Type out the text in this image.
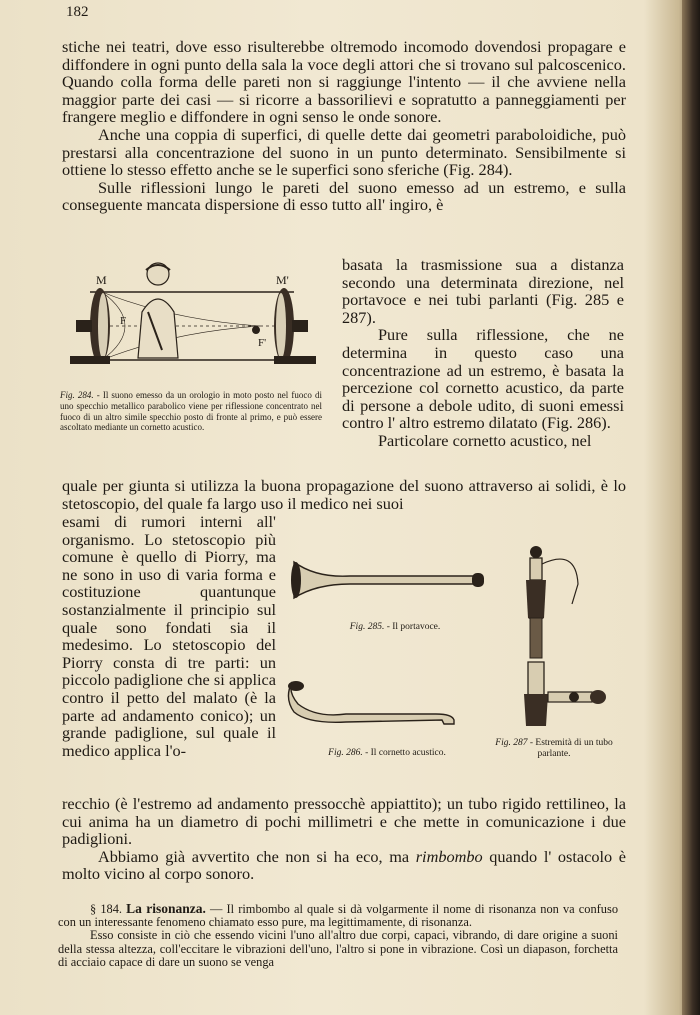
182

stiche nei teatri, dove esso risulterebbe oltremodo incomodo dovendosi propagare e diffondere in ogni punto della sala la voce degli attori che si trovano sul palcoscenico. Quando colla forma delle pareti non si raggiunge l'intento — il che avviene nella maggior parte dei casi — si ricorre a bassorilievi e sopratutto a panneggiamenti per frangere meglio e diffondere in ogni senso le onde sonore.

Anche una coppia di superfici, di quelle dette dai geometri paraboloidiche, può prestarsi alla concentrazione del suono in un punto determinato. Sensibilmente si ottiene lo stesso effetto anche se le superfici sono sferiche (Fig. 284).

Sulle riflessioni lungo le pareti del suono emesso ad un estremo, e sulla conseguente mancata dispersione di esso tutto all' ingiro, è

M	M'
F
F'
Fig. 284. - Il suono emesso da un orologio in moto posto nel fuoco di uno specchio metallico parabolico viene per riflessione concentrato nel fuoco di un altro simile specchio posto di fronte al primo, e può essere ascoltato mediante un cornetto acustico.

basata la trasmissione sua a distanza secondo una determinata direzione, nel portavoce e nei tubi parlanti (Fig. 285 e 287).

Pure sulla riflessione, che ne determina in questo caso una concentrazione ad un estremo, è basata la percezione col cornetto acustico, da parte di persone a debole udito, di suoni emessi contro l' altro estremo dilatato (Fig. 286).

Particolare cornetto acustico, nel

quale per giunta si utilizza la buona propagazione del suono attraverso ai solidi, è lo stetoscopio, del quale fa largo uso il medico nei suoi

esami di rumori interni all' organismo. Lo stetoscopio più comune è quello di Piorry, ma ne sono in uso di varia forma e costituzione quantunque sostanzialmente il principio sul quale sono fondati sia il medesimo. Lo stetoscopio del Piorry consta di tre parti: un piccolo padiglione che si applica contro il petto del malato (è la parte ad andamento conico); un grande padiglione, sul quale il medico applica l'o-

Fig. 285. - Il portavoce.
Fig. 286. - Il cornetto acustico.
Fig. 287 - Estremità di un tubo parlante.

recchio (è l'estremo ad andamento pressocchè appiattito); un tubo rigido rettilineo, la cui anima ha un diametro di pochi millimetri e che mette in comunicazione i due padiglioni.

Abbiamo già avvertito che non si ha eco, ma rimbombo quando l' ostacolo è molto vicino al corpo sonoro.

§ 184. La risonanza. — Il rimbombo al quale si dà volgarmente il nome di risonanza non va confuso con un interessante fenomeno chiamato esso pure, ma legittimamente, di risonanza.

Esso consiste in ciò che essendo vicini l'uno all'altro due corpi, capaci, vibrando, di dare origine a suoni della stessa altezza, coll'eccitare le vibrazioni dell'uno, l'altro si pone in vibrazione. Così un diapason, forchetta di acciaio capace di dare un suono se venga
